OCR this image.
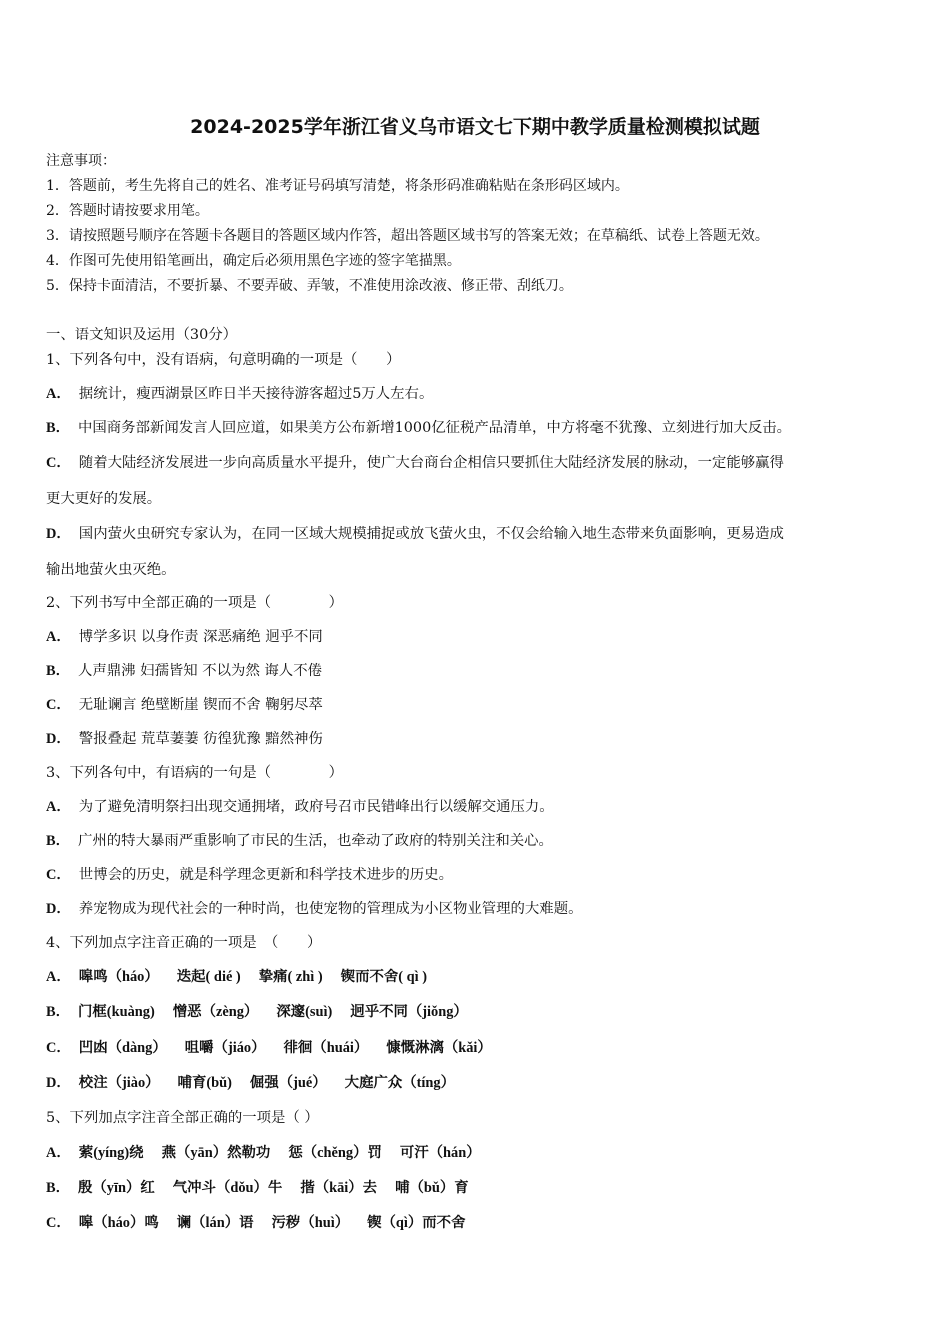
2024-2025学年浙江省义乌市语文七下期中教学质量检测模拟试题
注意事项：
1．答题前，考生先将自己的姓名、准考证号码填写清楚，将条形码准确粘贴在条形码区域内。
2．答题时请按要求用笔。
3．请按照题号顺序在答题卡各题目的答题区域内作答，超出答题区域书写的答案无效；在草稿纸、试卷上答题无效。
4．作图可先使用铅笔画出，确定后必须用黑色字迹的签字笔描黑。
5．保持卡面清洁，不要折暴、不要弄破、弄皱，不准使用涂改液、修正带、刮纸刀。
一、语文知识及运用（30分）
1、下列各句中，没有语病，句意明确的一项是（　　）
A． 据统计，瘦西湖景区昨日半天接待游客超过5万人左右。
B． 中国商务部新闻发言人回应道，如果美方公布新增1000亿征税产品清单，中方将毫不犹豫、立刻进行加大反击。
C． 随着大陆经济发展进一步向高质量水平提升，使广大台商台企相信只要抓住大陆经济发展的脉动，一定能够赢得
更大更好的发展。
D． 国内萤火虫研究专家认为，在同一区域大规模捕捉或放飞萤火虫，不仅会给输入地生态带来负面影响，更易造成
输出地萤火虫灭绝。
2、下列书写中全部正确的一项是（　　　　）
A． 博学多识 以身作责 深恶痛绝 迥乎不同
B． 人声鼎沸 妇孺皆知 不以为然 诲人不倦
C． 无耻谰言 绝壁断崖 锲而不舍 鞠躬尽萃
D． 警报叠起 荒草萋萋 彷徨犹豫 黯然神伤
3、下列各句中，有语病的一句是（　　　　）
A． 为了避免清明祭扫出现交通拥堵，政府号召市民错峰出行以缓解交通压力。
B． 广州的特大暴雨严重影响了市民的生活，也牵动了政府的特别关注和关心。
C． 世博会的历史，就是科学理念更新和科学技术进步的历史。
D． 养宠物成为现代社会的一种时尚，也使宠物的管理成为小区物业管理的大难题。
4、下列加点字注音正确的一项是　（　　）
A． 嗥鸣（háo） 迭起( dié ) 挚痛( zhì ) 锲而不舍( qì )
B． 门框(kuàng) 憎恶（zèng） 深邃(suì) 迥乎不同（jiǒng）
C． 凹凼（dàng） 咀嚼（jiáo） 徘徊（huái） 慷慨淋漓（kǎi）
D． 校注（jiào） 哺育(bǔ) 倔强（jué） 大庭广众（tíng）
5、下列加点字注音全部正确的一项是（ ）
A． 萦(yíng)绕 燕（yān）然勒功 惩（chěng）罚 可汗（hán）
B． 殷（yīn）红 气冲斗（dǒu）牛 揩（kāi）去 哺（bǔ）育
C． 嗥（háo）鸣 谰（lán）语 污秽（huì） 锲（qì）而不舍
